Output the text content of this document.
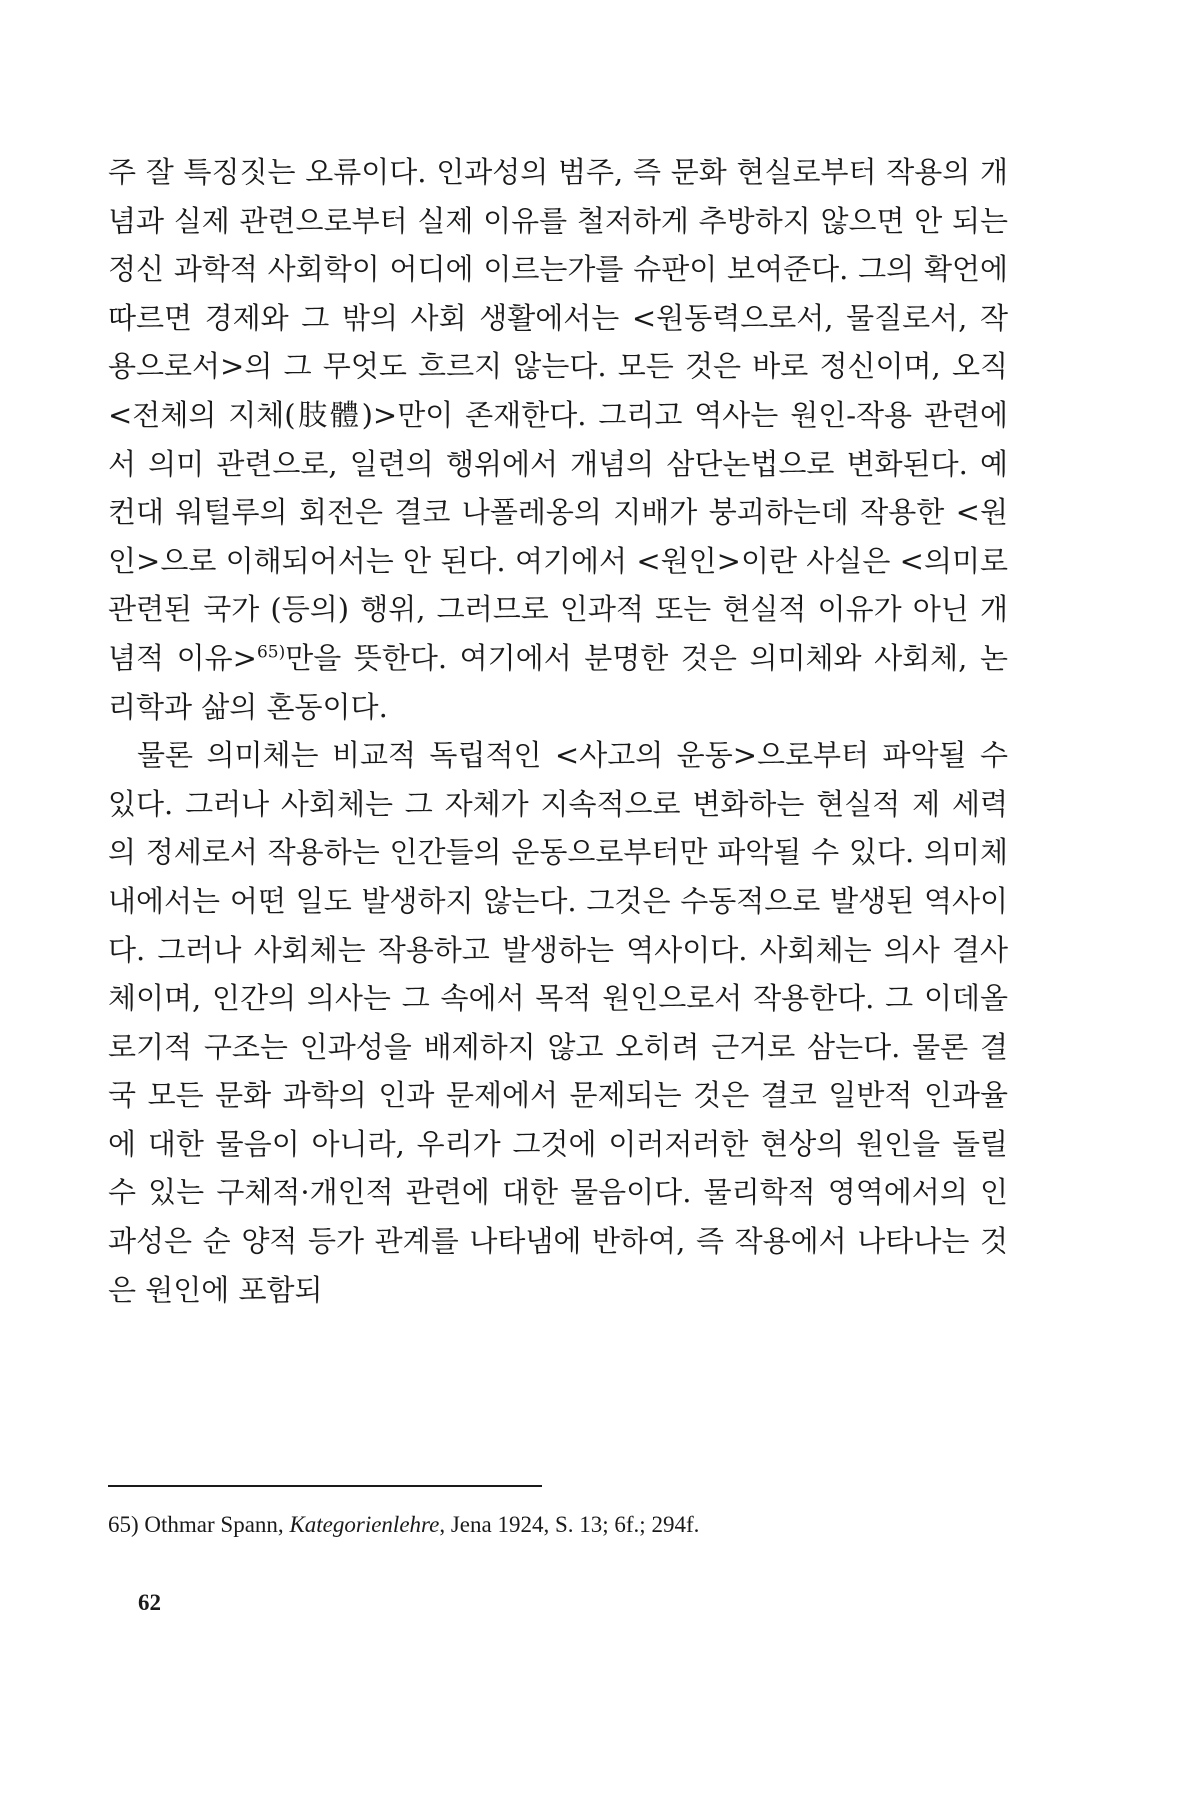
주 잘 특징짓는 오류이다. 인과성의 범주, 즉 문화 현실로부터 작용의 개념과 실제 관련으로부터 실제 이유를 철저하게 추방하지 않으면 안 되는 정신 과학적 사회학이 어디에 이르는가를 슈판이 보여준다. 그의 확언에 따르면 경제와 그 밖의 사회 생활에서는 <원동력으로서, 물질로서, 작용으로서>의 그 무엇도 흐르지 않는다. 모든 것은 바로 정신이며, 오직 <전체의 지체(肢體)>만이 존재한다. 그리고 역사는 원인-작용 관련에서 의미 관련으로, 일련의 행위에서 개념의 삼단논법으로 변화된다. 예컨대 워털루의 회전은 결코 나폴레옹의 지배가 붕괴하는데 작용한 <원인>으로 이해되어서는 안 된다. 여기에서 <원인>이란 사실은 <의미로 관련된 국가 (등의) 행위, 그러므로 인과적 또는 현실적 이유가 아닌 개념적 이유>$^{65)}$만을 뜻한다. 여기에서 분명한 것은 의미체와 사회체, 논리학과 삶의 혼동이다.

물론 의미체는 비교적 독립적인 <사고의 운동>으로부터 파악될 수 있다. 그러나 사회체는 그 자체가 지속적으로 변화하는 현실적 제 세력의 정세로서 작용하는 인간들의 운동으로부터만 파악될 수 있다. 의미체 내에서는 어떤 일도 발생하지 않는다. 그것은 수동적으로 발생된 역사이다. 그러나 사회체는 작용하고 발생하는 역사이다. 사회체는 의사 결사체이며, 인간의 의사는 그 속에서 목적 원인으로서 작용한다. 그 이데올로기적 구조는 인과성을 배제하지 않고 오히려 근거로 삼는다. 물론 결국 모든 문화 과학의 인과 문제에서 문제되는 것은 결코 일반적 인과율에 대한 물음이 아니라, 우리가 그것에 이러저러한 현상의 원인을 돌릴 수 있는 구체적·개인적 관련에 대한 물음이다. 물리학적 영역에서의 인과성은 순 양적 등가 관계를 나타냄에 반하여, 즉 작용에서 나타나는 것은 원인에 포함되

65) Othmar Spann, Kategorienlehre, Jena 1924, S. 13; 6f.; 294f.
62
